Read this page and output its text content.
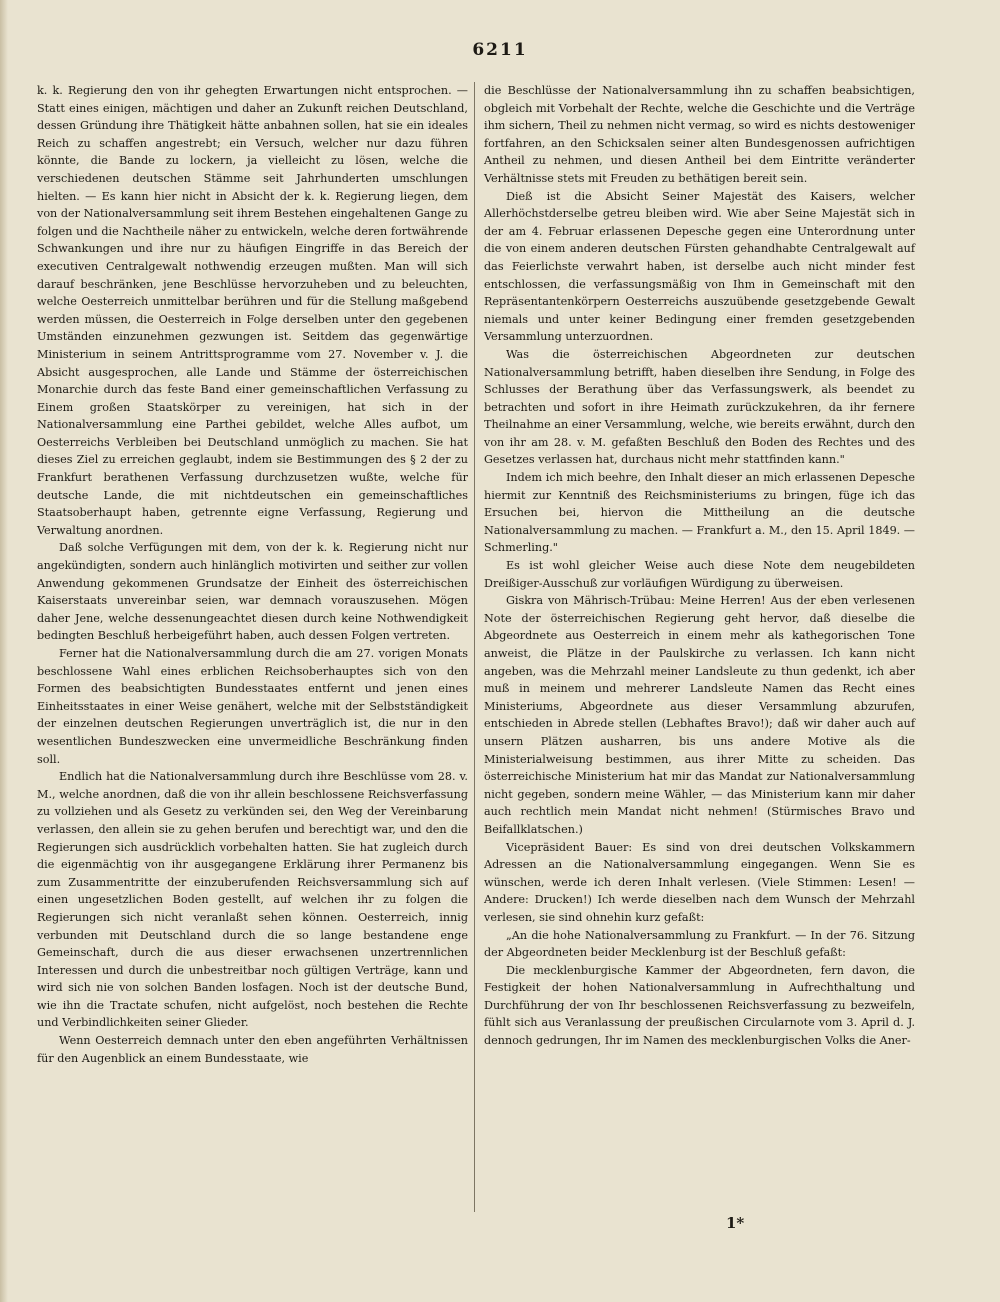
6211

k. k. Regierung den von ihr gehegten Erwartungen nicht entsprochen. — Statt eines einigen, mächtigen und daher an Zukunft reichen Deutschland, dessen Gründung ihre Thätigkeit hätte anbahnen sollen, hat sie ein ideales Reich zu schaffen angestrebt; ein Versuch, welcher nur dazu führen könnte, die Bande zu lockern, ja vielleicht zu lösen, welche die verschiedenen deutschen Stämme seit Jahrhunderten umschlungen hielten. — Es kann hier nicht in Absicht der k. k. Regierung liegen, dem von der Nationalversammlung seit ihrem Bestehen eingehaltenen Gange zu folgen und die Nachtheile näher zu entwickeln, welche deren fortwährende Schwankungen und ihre nur zu häufigen Eingriffe in das Bereich der executiven Centralgewalt nothwendig erzeugen mußten. Man will sich darauf beschränken, jene Beschlüsse hervorzuheben und zu beleuchten, welche Oesterreich unmittelbar berühren und für die Stellung maßgebend werden müssen, die Oesterreich in Folge derselben unter den gegebenen Umständen einzunehmen gezwungen ist. Seitdem das gegenwärtige Ministerium in seinem Antrittsprogramme vom 27. November v. J. die Absicht ausgesprochen, alle Lande und Stämme der österreichischen Monarchie durch das feste Band einer gemeinschaftlichen Verfassung zu Einem großen Staatskörper zu vereinigen, hat sich in der Nationalversammlung eine Parthei gebildet, welche Alles aufbot, um Oesterreichs Verbleiben bei Deutschland unmöglich zu machen. Sie hat dieses Ziel zu erreichen geglaubt, indem sie Bestimmungen des § 2 der zu Frankfurt berathenen Verfassung durchzusetzen wußte, welche für deutsche Lande, die mit nichtdeutschen ein gemeinschaftliches Staatsoberhaupt haben, getrennte eigne Verfassung, Regierung und Verwaltung anordnen.

Daß solche Verfügungen mit dem, von der k. k. Regierung nicht nur angekündigten, sondern auch hinlänglich motivirten und seither zur vollen Anwendung gekommenen Grundsatze der Einheit des österreichischen Kaiserstaats unvereinbar seien, war demnach vorauszusehen. Mögen daher Jene, welche dessenungeachtet diesen durch keine Nothwendigkeit bedingten Beschluß herbeigeführt haben, auch dessen Folgen vertreten.

Ferner hat die Nationalversammlung durch die am 27. vorigen Monats beschlossene Wahl eines erblichen Reichsoberhauptes sich von den Formen des beabsichtigten Bundesstaates entfernt und jenen eines Einheitsstaates in einer Weise genähert, welche mit der Selbstständigkeit der einzelnen deutschen Regierungen unverträglich ist, die nur in den wesentlichen Bundeszwecken eine unvermeidliche Beschränkung finden soll.

Endlich hat die Nationalversammlung durch ihre Beschlüsse vom 28. v. M., welche anordnen, daß die von ihr allein beschlossene Reichsverfassung zu vollziehen und als Gesetz zu verkünden sei, den Weg der Vereinbarung verlassen, den allein sie zu gehen berufen und berechtigt war, und den die Regierungen sich ausdrücklich vorbehalten hatten. Sie hat zugleich durch die eigenmächtig von ihr ausgegangene Erklärung ihrer Permanenz bis zum Zusammentritte der einzuberufenden Reichsversammlung sich auf einen ungesetzlichen Boden gestellt, auf welchen ihr zu folgen die Regierungen sich nicht veranlaßt sehen können. Oesterreich, innig verbunden mit Deutschland durch die so lange bestandene enge Gemeinschaft, durch die aus dieser erwachsenen unzertrennlichen Interessen und durch die unbestreitbar noch gültigen Verträge, kann und wird sich nie von solchen Banden losfagen. Noch ist der deutsche Bund, wie ihn die Tractate schufen, nicht aufgelöst, noch bestehen die Rechte und Verbindlichkeiten seiner Glieder.

Wenn Oesterreich demnach unter den eben angeführten Verhältnissen für den Augenblick an einem Bundesstaate, wie

die Beschlüsse der Nationalversammlung ihn zu schaffen beabsichtigen, obgleich mit Vorbehalt der Rechte, welche die Geschichte und die Verträge ihm sichern, Theil zu nehmen nicht vermag, so wird es nichts destoweniger fortfahren, an den Schicksalen seiner alten Bundesgenossen aufrichtigen Antheil zu nehmen, und diesen Antheil bei dem Eintritte veränderter Verhältnisse stets mit Freuden zu bethätigen bereit sein.

Dieß ist die Absicht Seiner Majestät des Kaisers, welcher Allerhöchstderselbe getreu bleiben wird. Wie aber Seine Majestät sich in der am 4. Februar erlassenen Depesche gegen eine Unterordnung unter die von einem anderen deutschen Fürsten gehandhabte Centralgewalt auf das Feierlichste verwahrt haben, ist derselbe auch nicht minder fest entschlossen, die verfassungsmäßig von Ihm in Gemeinschaft mit den Repräsentantenkörpern Oesterreichs auszuübende gesetzgebende Gewalt niemals und unter keiner Bedingung einer fremden gesetzgebenden Versammlung unterzuordnen.

Was die österreichischen Abgeordneten zur deutschen Nationalversammlung betrifft, haben dieselben ihre Sendung, in Folge des Schlusses der Berathung über das Verfassungswerk, als beendet zu betrachten und sofort in ihre Heimath zurückzukehren, da ihr fernere Theilnahme an einer Versammlung, welche, wie bereits erwähnt, durch den von ihr am 28. v. M. gefaßten Beschluß den Boden des Rechtes und des Gesetzes verlassen hat, durchaus nicht mehr stattfinden kann."

Indem ich mich beehre, den Inhalt dieser an mich erlassenen Depesche hiermit zur Kenntniß des Reichsministeriums zu bringen, füge ich das Ersuchen bei, hiervon die Mittheilung an die deutsche Nationalversammlung zu machen. — Frankfurt a. M., den 15. April 1849. — Schmerling."

Es ist wohl gleicher Weise auch diese Note dem neugebildeten Dreißiger-Ausschuß zur vorläufigen Würdigung zu überweisen.

Giskra von Mährisch-Trübau: Meine Herren! Aus der eben verlesenen Note der österreichischen Regierung geht hervor, daß dieselbe die Abgeordnete aus Oesterreich in einem mehr als kathegorischen Tone anweist, die Plätze in der Paulskirche zu verlassen. Ich kann nicht angeben, was die Mehrzahl meiner Landsleute zu thun gedenkt, ich aber muß in meinem und mehrerer Landsleute Namen das Recht eines Ministeriums, Abgeordnete aus dieser Versammlung abzurufen, entschieden in Abrede stellen (Lebhaftes Bravo!); daß wir daher auch auf unsern Plätzen ausharren, bis uns andere Motive als die Ministerialweisung bestimmen, aus ihrer Mitte zu scheiden. Das österreichische Ministerium hat mir das Mandat zur Nationalversammlung nicht gegeben, sondern meine Wähler, — das Ministerium kann mir daher auch rechtlich mein Mandat nicht nehmen! (Stürmisches Bravo und Beifallklatschen.)

Vicepräsident Bauer: Es sind von drei deutschen Volkskammern Adressen an die Nationalversammlung eingegangen. Wenn Sie es wünschen, werde ich deren Inhalt verlesen. (Viele Stimmen: Lesen! — Andere: Drucken!) Ich werde dieselben nach dem Wunsch der Mehrzahl verlesen, sie sind ohnehin kurz gefaßt:

„An die hohe Nationalversammlung zu Frankfurt. — In der 76. Sitzung der Abgeordneten beider Mecklenburg ist der Beschluß gefaßt:

Die mecklenburgische Kammer der Abgeordneten, fern davon, die Festigkeit der hohen Nationalversammlung in Aufrechthaltung und Durchführung der von Ihr beschlossenen Reichsverfassung zu bezweifeln, fühlt sich aus Veranlassung der preußischen Circularnote vom 3. April d. J. dennoch gedrungen, Ihr im Namen des mecklenburgischen Volks die Aner-

1*
